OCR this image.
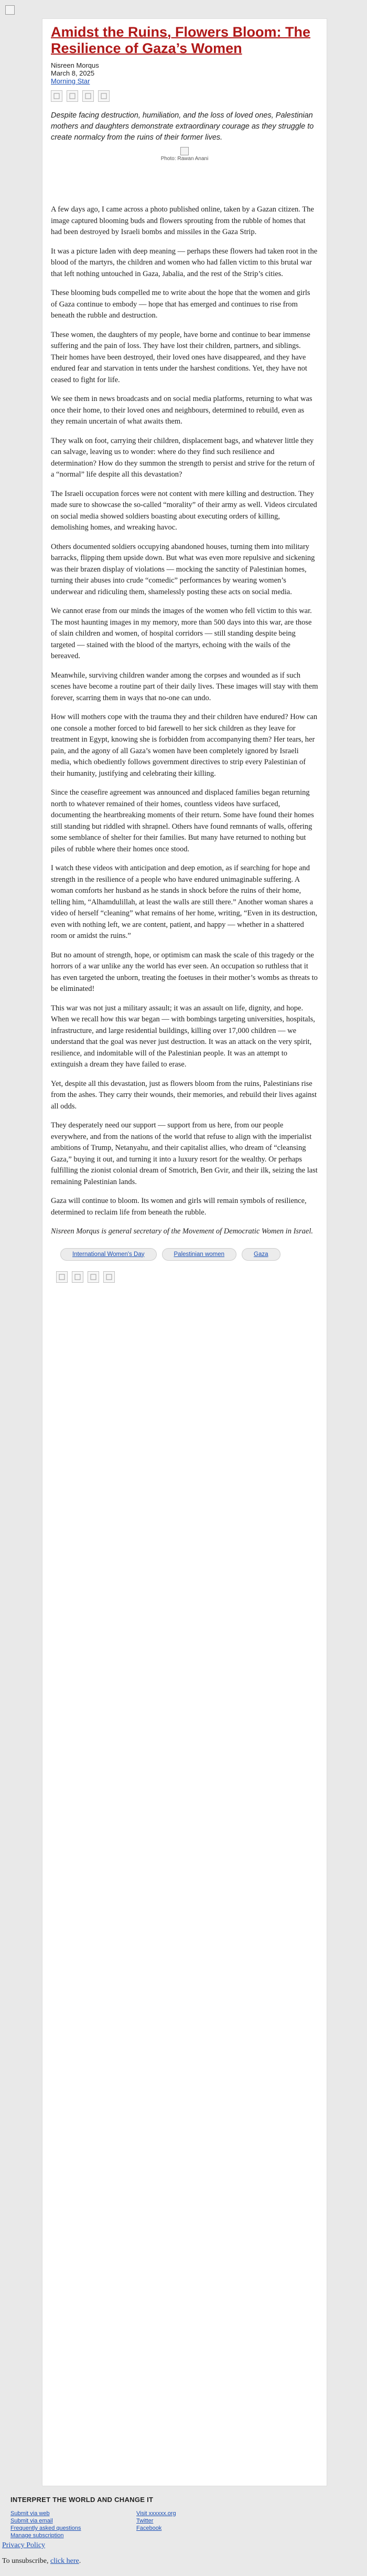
Amidst the Ruins, Flowers Bloom: The Resilience of Gaza’s Women
Nisreen Morqus
March 8, 2025
Morning Star

Despite facing destruction, humiliation, and the loss of loved ones, Palestinian mothers and daughters demonstrate extraordinary courage as they struggle to create normalcy from the ruins of their former lives.

Photo: Rawan Anani

A few days ago, I came across a photo published online, taken by a Gazan citizen. The image captured blooming buds and flowers sprouting from the rubble of homes that had been destroyed by Israeli bombs and missiles in the Gaza Strip.

It was a picture laden with deep meaning — perhaps these flowers had taken root in the blood of the martyrs, the children and women who had fallen victim to this brutal war that left nothing untouched in Gaza, Jabalia, and the rest of the Strip’s cities.

These blooming buds compelled me to write about the hope that the women and girls of Gaza continue to embody — hope that has emerged and continues to rise from beneath the rubble and destruction.

These women, the daughters of my people, have borne and continue to bear immense suffering and the pain of loss. They have lost their children, partners, and siblings. Their homes have been destroyed, their loved ones have disappeared, and they have endured fear and starvation in tents under the harshest conditions. Yet, they have not ceased to fight for life.

We see them in news broadcasts and on social media platforms, returning to what was once their home, to their loved ones and neighbours, determined to rebuild, even as they remain uncertain of what awaits them.

They walk on foot, carrying their children, displacement bags, and whatever little they can salvage, leaving us to wonder: where do they find such resilience and determination? How do they summon the strength to persist and strive for the return of a “normal” life despite all this devastation?

The Israeli occupation forces were not content with mere killing and destruction. They made sure to showcase the so-called “morality” of their army as well. Videos circulated on social media showed soldiers boasting about executing orders of killing, demolishing homes, and wreaking havoc.

Others documented soldiers occupying abandoned houses, turning them into military barracks, flipping them upside down. But what was even more repulsive and sickening was their brazen display of violations — mocking the sanctity of Palestinian homes, turning their abuses into crude “comedic” performances by wearing women’s underwear and ridiculing them, shamelessly posting these acts on social media.

We cannot erase from our minds the images of the women who fell victim to this war. The most haunting images in my memory, more than 500 days into this war, are those of slain children and women, of hospital corridors — still standing despite being targeted — stained with the blood of the martyrs, echoing with the wails of the bereaved.

Meanwhile, surviving children wander among the corpses and wounded as if such scenes have become a routine part of their daily lives. These images will stay with them forever, scarring them in ways that no-one can undo.

How will mothers cope with the trauma they and their children have endured? How can one console a mother forced to bid farewell to her sick children as they leave for treatment in Egypt, knowing she is forbidden from accompanying them? Her tears, her pain, and the agony of all Gaza’s women have been completely ignored by Israeli media, which obediently follows government directives to strip every Palestinian of their humanity, justifying and celebrating their killing.

Since the ceasefire agreement was announced and displaced families began returning north to whatever remained of their homes, countless videos have surfaced, documenting the heartbreaking moments of their return. Some have found their homes still standing but riddled with shrapnel. Others have found remnants of walls, offering some semblance of shelter for their families. But many have returned to nothing but piles of rubble where their homes once stood.

I watch these videos with anticipation and deep emotion, as if searching for hope and strength in the resilience of a people who have endured unimaginable suffering. A woman comforts her husband as he stands in shock before the ruins of their home, telling him, “Alhamdulillah, at least the walls are still there.” Another woman shares a video of herself “cleaning” what remains of her home, writing, “Even in its destruction, even with nothing left, we are content, patient, and happy — whether in a shattered room or amidst the ruins.”

But no amount of strength, hope, or optimism can mask the scale of this tragedy or the horrors of a war unlike any the world has ever seen. An occupation so ruthless that it has even targeted the unborn, treating the foetuses in their mother’s wombs as threats to be eliminated!

This war was not just a military assault; it was an assault on life, dignity, and hope. When we recall how this war began — with bombings targeting universities, hospitals, infrastructure, and large residential buildings, killing over 17,000 children — we understand that the goal was never just destruction. It was an attack on the very spirit, resilience, and indomitable will of the Palestinian people. It was an attempt to extinguish a dream they have failed to erase.

Yet, despite all this devastation, just as flowers bloom from the ruins, Palestinians rise from the ashes. They carry their wounds, their memories, and rebuild their lives against all odds.

They desperately need our support — support from us here, from our people everywhere, and from the nations of the world that refuse to align with the imperialist ambitions of Trump, Netanyahu, and their capitalist allies, who dream of “cleansing Gaza,” buying it out, and turning it into a luxury resort for the wealthy. Or perhaps fulfilling the zionist colonial dream of Smotrich, Ben Gvir, and their ilk, seizing the last remaining Palestinian lands.

Gaza will continue to bloom. Its women and girls will remain symbols of resilience, determined to reclaim life from beneath the rubble.

Nisreen Morqus is general secretary of the Movement of Democratic Women in Israel.

International Women's Day	Palestinian women	Gaza
INTERPRET THE WORLD AND CHANGE IT
Submit via web
Submit via email
Frequently asked questions
Manage subscription
Visit xxxxxx.org
Twitter
Facebook
Privacy Policy
To unsubscribe, click here.
